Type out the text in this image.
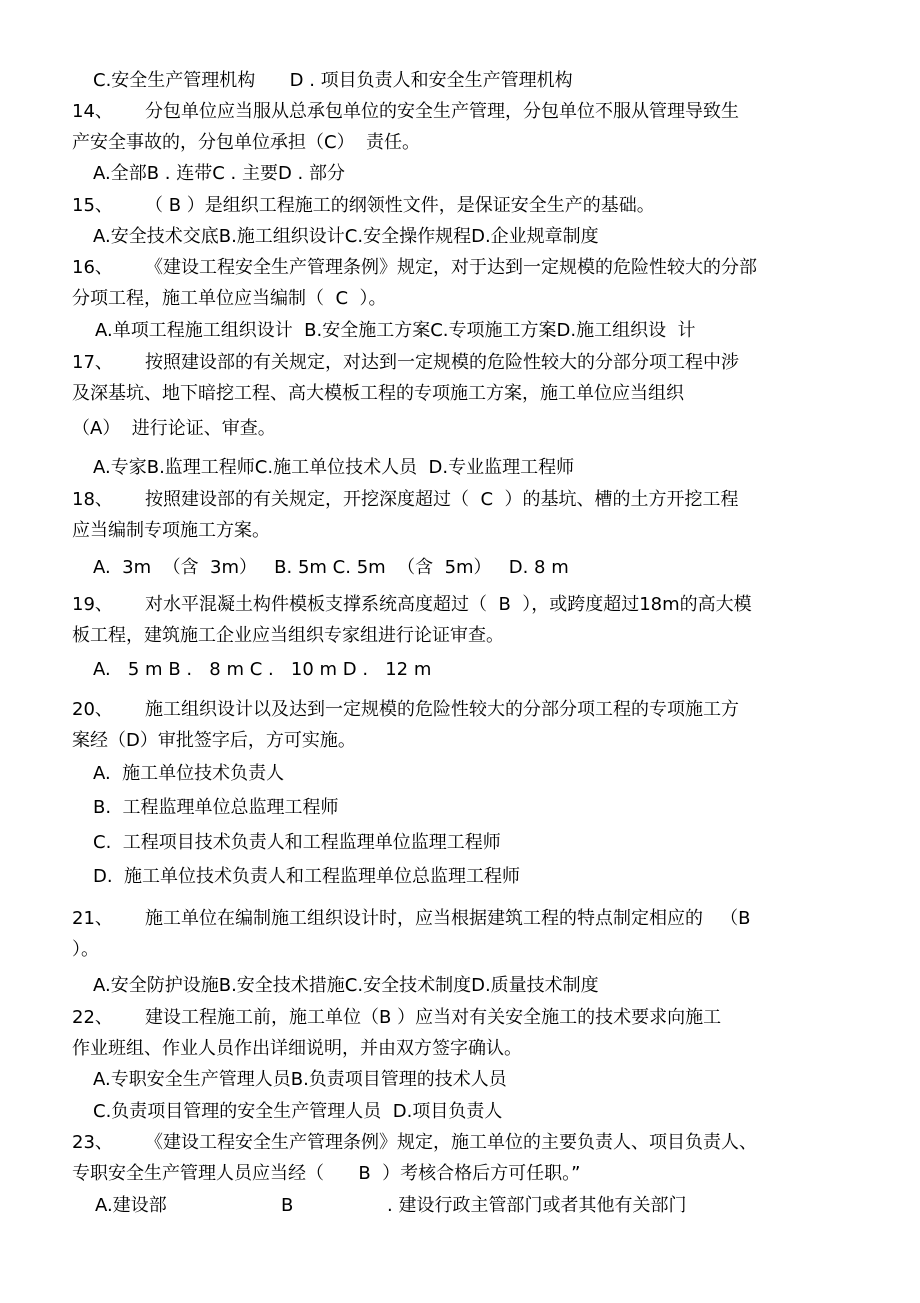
C.安全生产管理机构      D . 项目负责人和安全生产管理机构
14、 分包单位应当服从总承包单位的安全生产管理，分包单位不服从管理导致生
产安全事故的，分包单位承担（C）  责任。
A.全部B . 连带C . 主要D . 部分
15、 （ B ）是组织工程施工的纲领性文件，是保证安全生产的基础。
A.安全技术交底B.施工组织设计C.安全操作规程D.企业规章制度
16、 《建设工程安全生产管理条例》规定，对于达到一定规模的危险性较大的分部
分项工程，施工单位应当编制（  C  ）。
A.单项工程施工组织设计  B.安全施工方案C.专项施工方案D.施工组织设  计
17、 按照建设部的有关规定，对达到一定规模的危险性较大的分部分项工程中涉
及深基坑、地下暗挖工程、高大模板工程的专项施工方案，施工单位应当组织
（A）  进行论证、审查。
A.专家B.监理工程师C.施工单位技术人员  D.专业监理工程师
18、 按照建设部的有关规定，开挖深度超过（  C  ）的基坑、槽的土方开挖工程
应当编制专项施工方案。
A.  3m  （含  3m）   B. 5m C. 5m  （含  5m）   D. 8 m
19、 对水平混凝土构件模板支撑系统高度超过（  B  ），或跨度超过18m的高大模
板工程，建筑施工企业应当组织专家组进行论证审查。
A.   5 m B .   8 m C .   10 m D .   12 m
20、 施工组织设计以及达到一定规模的危险性较大的分部分项工程的专项施工方
案经（D）审批签字后，方可实施。
A.  施工单位技术负责人
B.  工程监理单位总监理工程师
C.  工程项目技术负责人和工程监理单位监理工程师
D.  施工单位技术负责人和工程监理单位总监理工程师
21、 施工单位在编制施工组织设计时，应当根据建筑工程的特点制定相应的   （B
）。
A.安全防护设施B.安全技术措施C.安全技术制度D.质量技术制度
22、 建设工程施工前，施工单位（B ）应当对有关安全施工的技术要求向施工
作业班组、作业人员作出详细说明，并由双方签字确认。
A.专职安全生产管理人员B.负责项目管理的技术人员
C.负责项目管理的安全生产管理人员  D.项目负责人
23、 《建设工程安全生产管理条例》规定，施工单位的主要负责人、项目负责人、
专职安全生产管理人员应当经（      B  ）考核合格后方可任职。”
A.建设部	B	. 建设行政主管部门或者其他有关部门
